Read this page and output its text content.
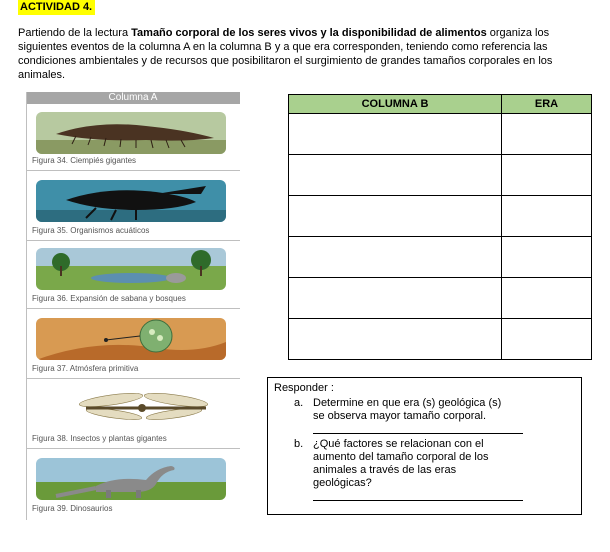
ACTIVIDAD 4.
Partiendo de la lectura Tamaño corporal de los seres vivos y la disponibilidad de alimentos organiza los siguientes eventos de la columna A en la columna B y a que era corresponden, teniendo como referencia las condiciones ambientales y de recursos que posibilitaron el surgimiento de grandes tamaños corporales en los animales.
Columna A
Figura 34. Ciempiés gigantes
Figura 35. Organismos acuáticos
Figura 36. Expansión de sabana y bosques
Figura 37. Atmósfera primitiva
Figura 38. Insectos y plantas gigantes
Figura 39. Dinosaurios
COLUMNA B	ERA

Responder :
a. Determine en que era (s) geológica (s) se observa mayor tamaño corporal.
b. ¿Qué factores se relacionan con el aumento del tamaño corporal de los animales a través de las eras geológicas?
